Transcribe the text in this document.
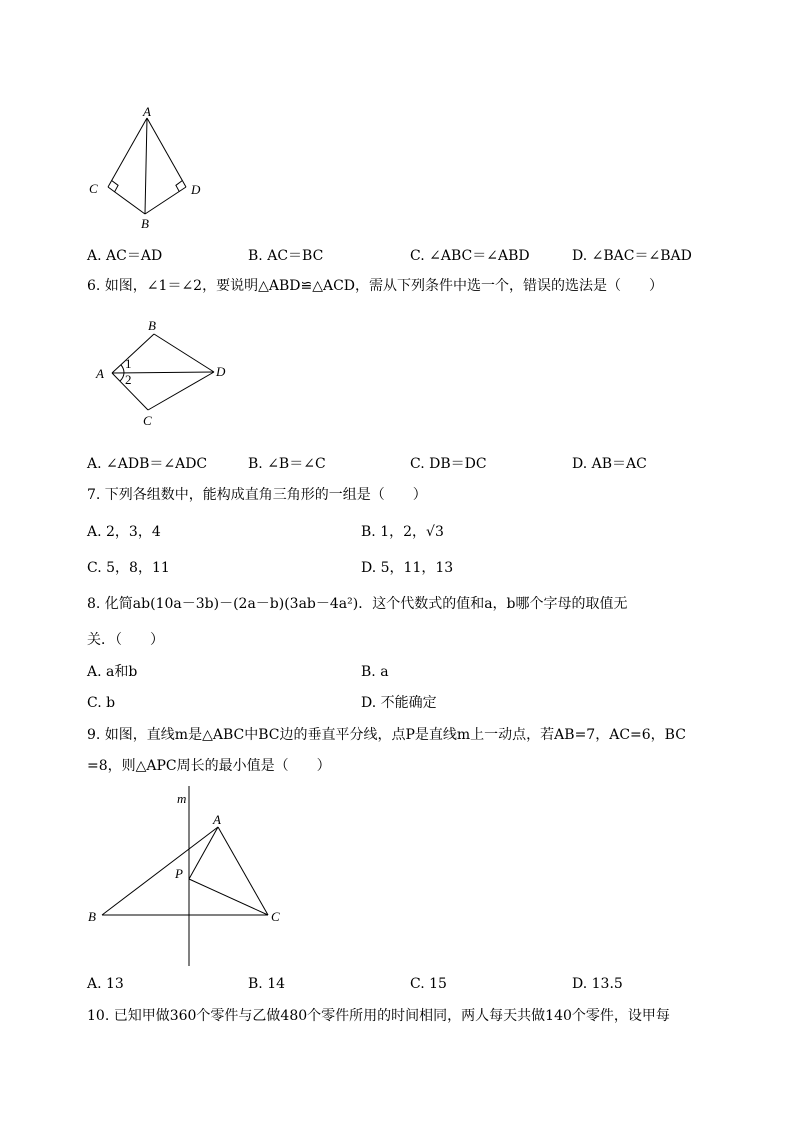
A
C	D
B
A. AC＝AD	B. AC＝BC	C. ∠ABC＝∠ABD	D. ∠BAC＝∠BAD
6. 如图，∠1＝∠2，要说明△ABD≌△ACD，需从下列条件中选一个，错误的选法是（　　）
A
B
D
C
1
2
A. ∠ADB＝∠ADC	B. ∠B＝∠C	C. DB＝DC	D. AB＝AC
7. 下列各组数中，能构成直角三角形的一组是（　　）
A. 2，3，4	B. 1，2，√3
C. 5，8，11	D. 5，11，13
8. 化简ab(10a－3b)－(2a－b)(3ab－4a²)．这个代数式的值和a，b哪个字母的取值无
关．（　　）
A. a和b	B. a
C. b	D. 不能确定
9. 如图，直线m是△ABC中BC边的垂直平分线，点P是直线m上一动点，若AB=7，AC=6，BC
=8，则△APC周长的最小值是（　　）
m
A
P
B	C
A. 13	B. 14	C. 15	D. 13.5
10. 已知甲做360个零件与乙做480个零件所用的时间相同，两人每天共做140个零件，设甲每
